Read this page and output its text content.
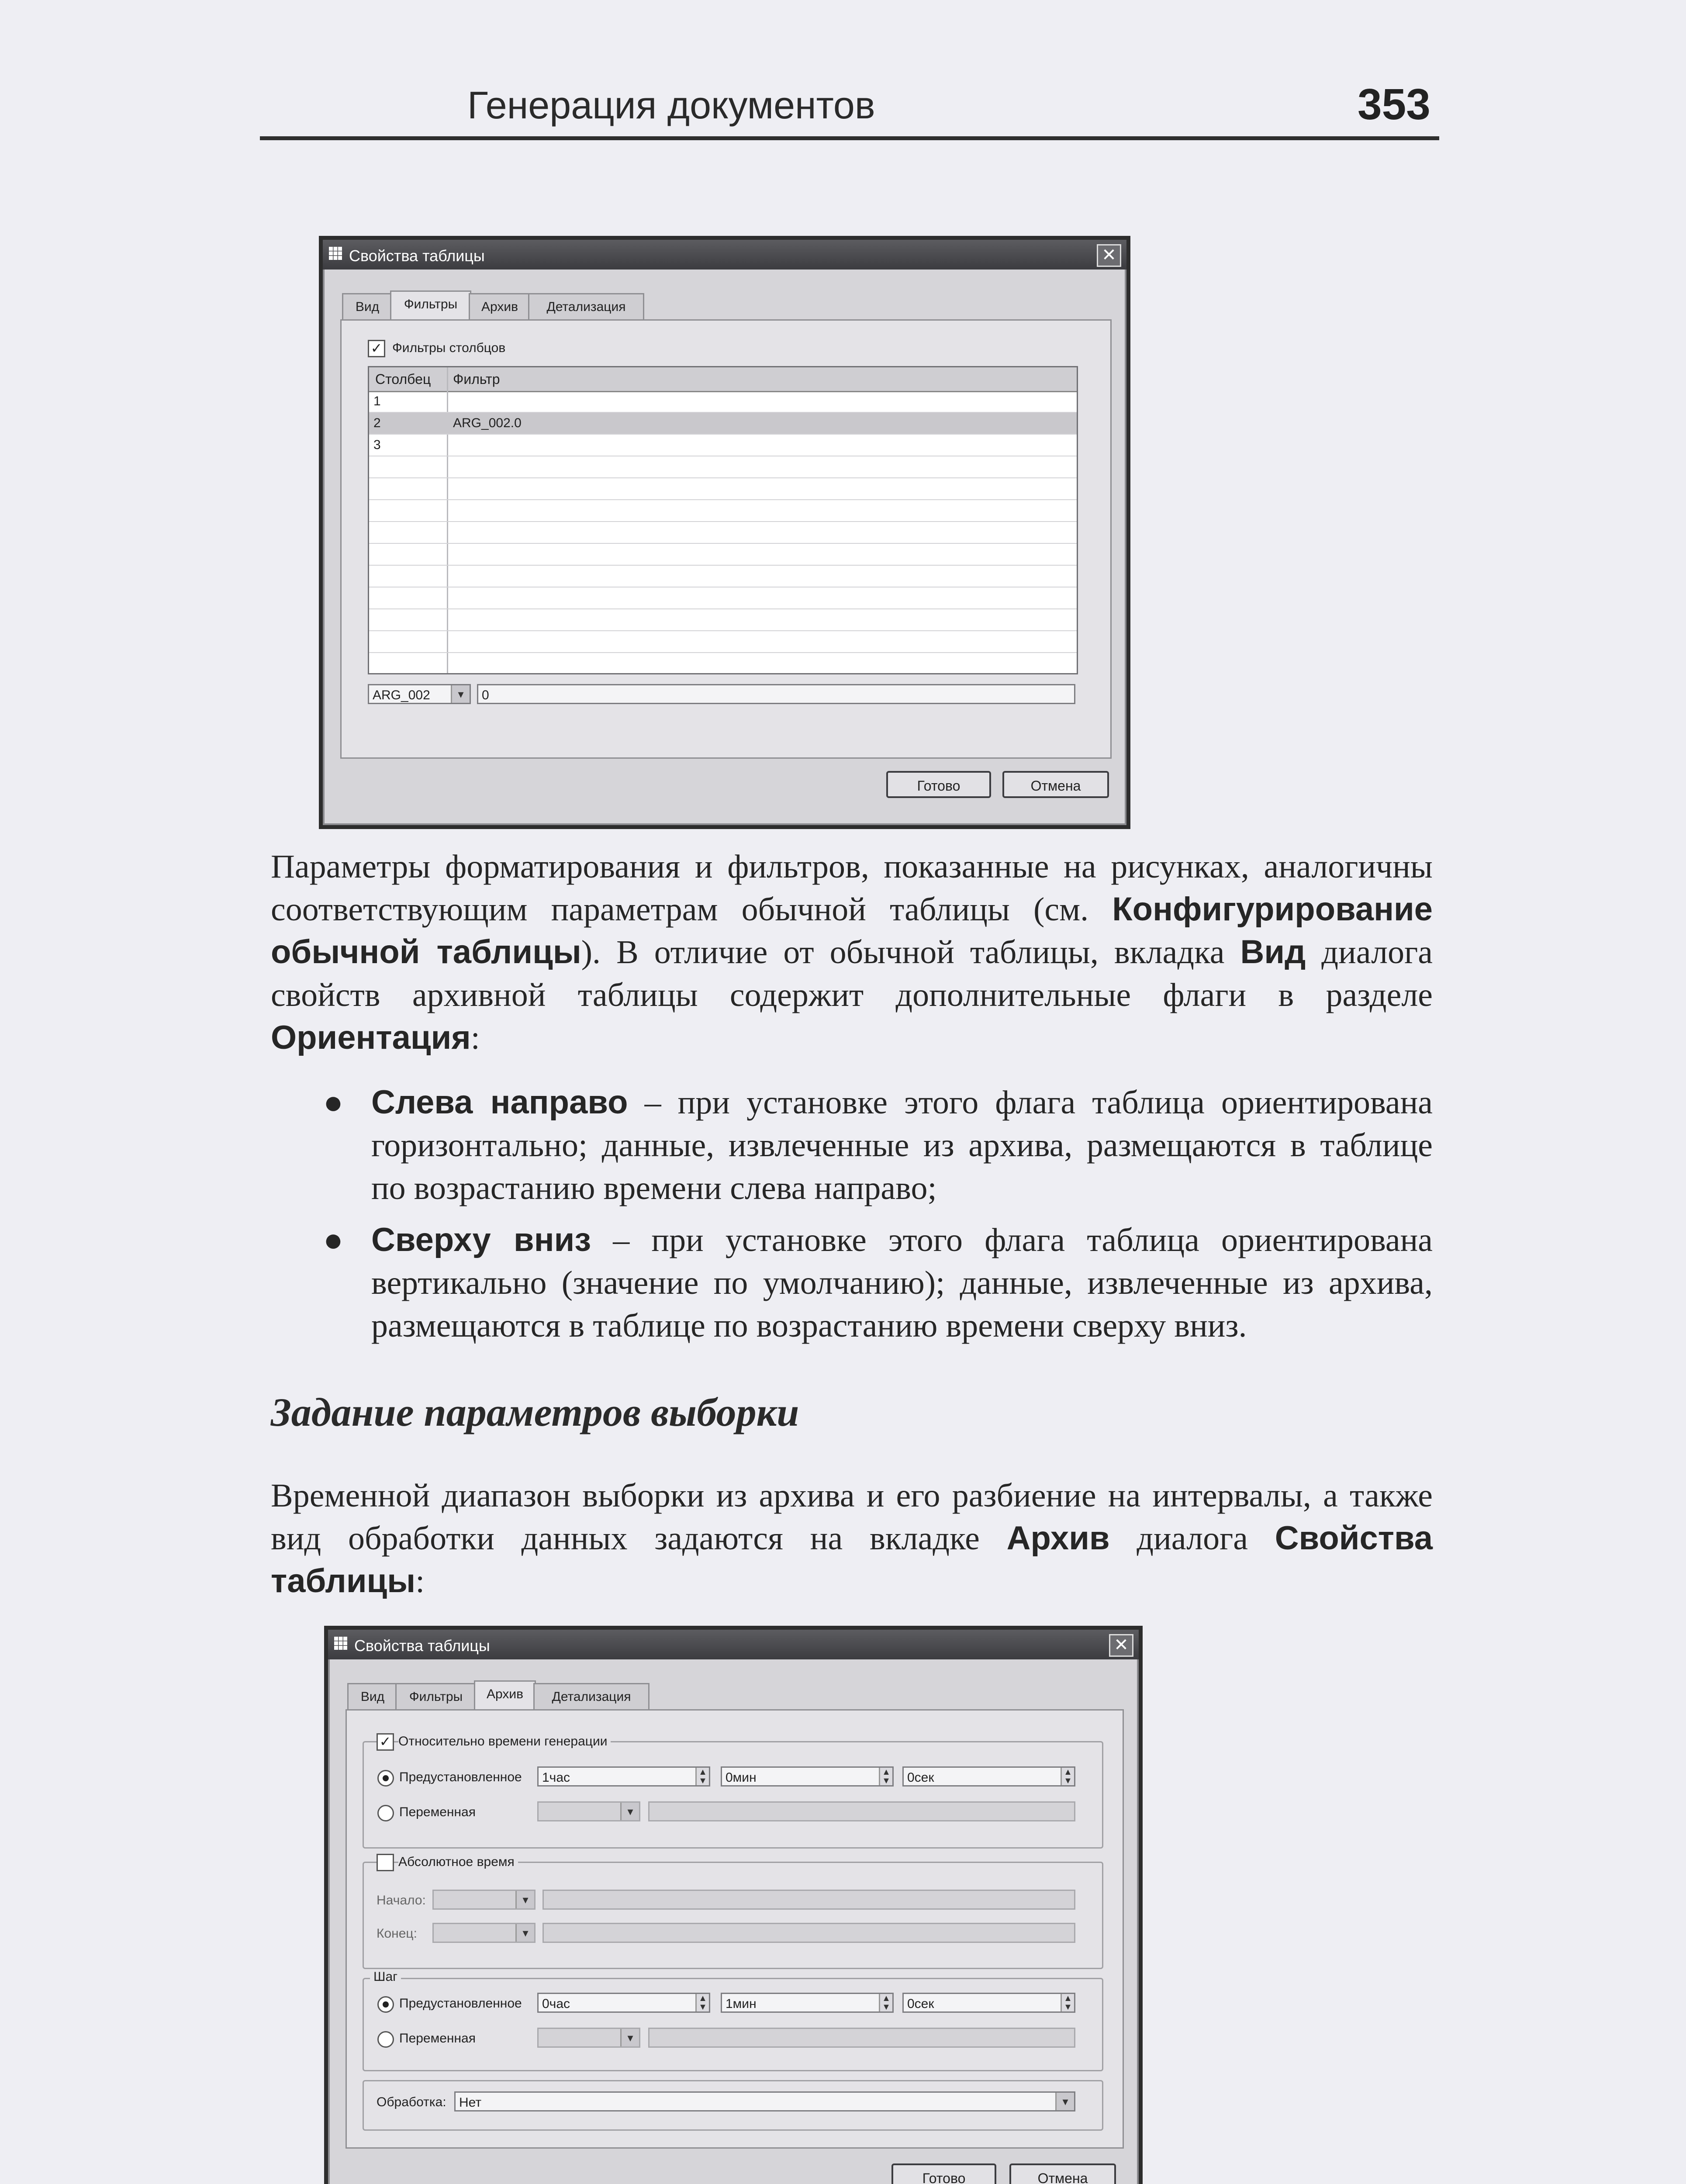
Генерация документов	353
Свойства таблицы	✕
Вид	Фильтры	Архив	Детализация
✓ Фильтры столбцов
Столбец Фильтр
1
2	ARG_002.0
3
ARG_002	▾	0
Готово	Отмена
Параметры форматирования и фильтров, показанные на рисунках, аналогичны соответствующим параметрам обычной таблицы (см. Конфигурирование обычной таблицы). В отличие от обычной таблицы, вкладка Вид диалога свойств архивной таблицы содержит дополнительные флаги в разделе Ориентация:
● Слева направо – при установке этого флага таблица ориентирована горизонтально; данные, извлеченные из архива, размещаются в таблице по возрастанию времени слева направо;
● Сверху вниз – при установке этого флага таблица ориентирована вертикально (значение по умолчанию); данные, извлеченные из архива, размещаются в таблице по возрастанию времени сверху вниз.
Задание параметров выборки
Временной диапазон выборки из архива и его разбиение на интервалы, а также вид обработки данных задаются на вкладке Архив диалога Свойства таблицы:
Свойства таблицы	✕
Вид	Фильтры	Архив	Детализация
✓ Относительно времени генерации
Предустановленное	1час	▲
▼	0мин	▲
▼	0сек	▲
▼
Переменная	▾
Абсолютное время
Начало:	▾
Конец:	▾
Шаг
Предустановленное	0час	▲
▼	1мин	▲
▼	0сек	▲
▼
Переменная	▾
Обработка: Нет	▾
Готово	Отмена
